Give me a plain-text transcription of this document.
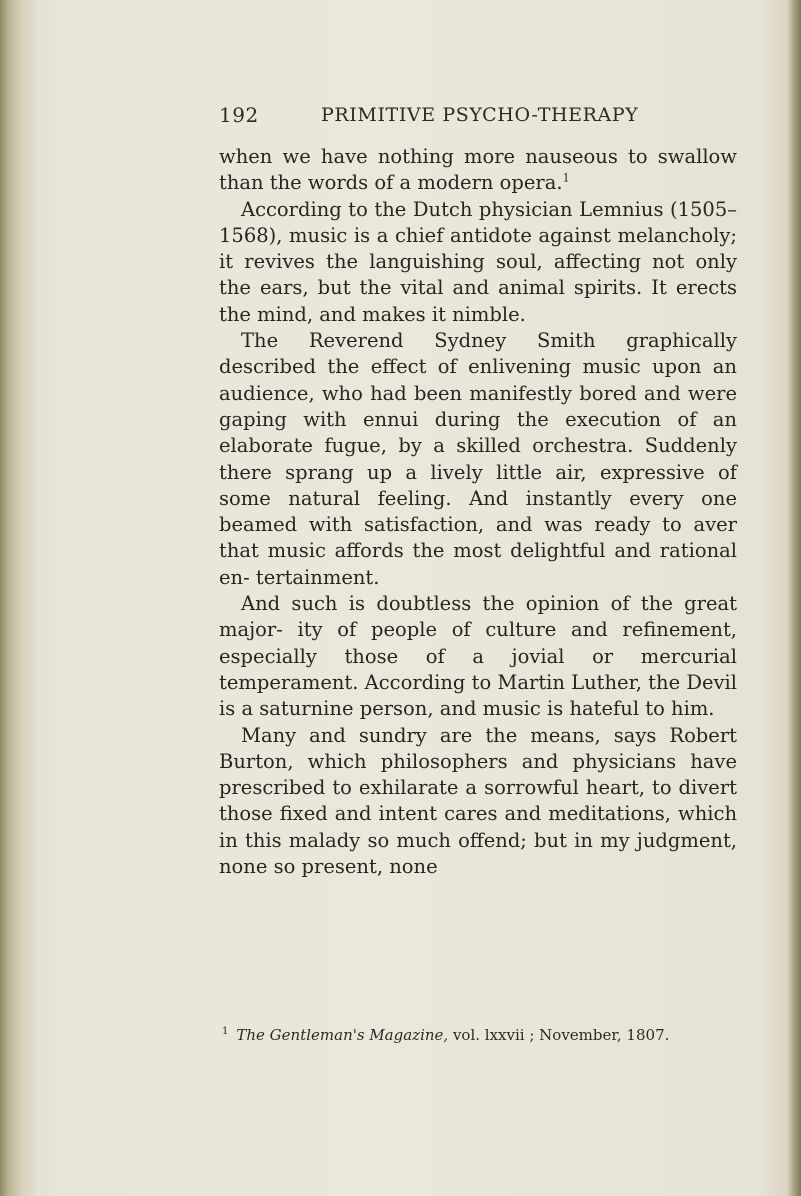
192	PRIMITIVE PSYCHO-THERAPY

when we have nothing more nauseous to swallow than the words of a modern opera.$^1$

According to the Dutch physician Lemnius (1505–1568), music is a chief antidote against melancholy; it revives the languishing soul, affecting not only the ears, but the vital and animal spirits. It erects the mind, and makes it nimble.

The Reverend Sydney Smith graphically described the effect of enlivening music upon an audience, who had been manifestly bored and were gaping with ennui during the execution of an elaborate fugue, by a skilled orchestra. Suddenly there sprang up a lively little air, expressive of some natural feeling. And instantly every one beamed with satisfaction, and was ready to aver that music affords the most delightful and rational en- tertainment.

And such is doubtless the opinion of the great major- ity of people of culture and refinement, especially those of a jovial or mercurial temperament. According to Martin Luther, the Devil is a saturnine person, and music is hateful to him.

Many and sundry are the means, says Robert Burton, which philosophers and physicians have prescribed to exhilarate a sorrowful heart, to divert those fixed and intent cares and meditations, which in this malady so much offend; but in my judgment, none so present, none

$^1$ The Gentleman's Magazine, vol. lxxvii ; November, 1807.
